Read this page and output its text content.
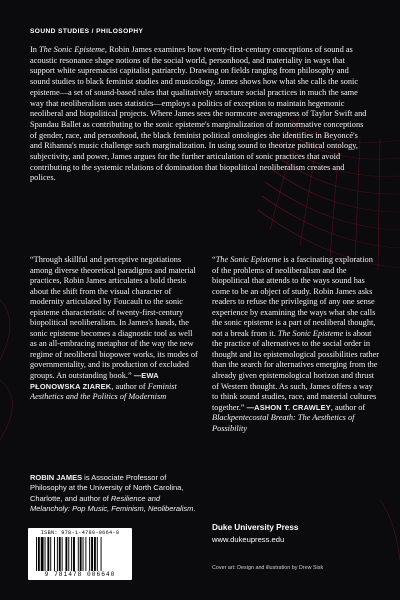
SOUND STUDIES / PHILOSOPHY
In The Sonic Episteme, Robin James examines how twenty-first-century conceptions of sound as acoustic resonance shape notions of the social world, personhood, and materiality in ways that support white supremacist capitalist patriarchy. Drawing on fields ranging from philosophy and sound studies to black feminist studies and musicology, James shows how what she calls the sonic episteme—a set of sound-based rules that qualitatively structure social practices in much the same way that neoliberalism uses statistics—employs a politics of exception to maintain hegemonic neoliberal and biopolitical projects. Where James sees the normcore averageness of Taylor Swift and Spandau Ballet as contributing to the sonic episteme's marginalization of nonnormative conceptions of gender, race, and personhood, the black feminist political ontologies she identifies in Beyoncé's and Rihanna's music challenge such marginalization. In using sound to theorize political ontology, subjectivity, and power, James argues for the further articulation of sonic practices that avoid contributing to the systemic relations of domination that biopolitical neoliberalism creates and polices.
“Through skillful and perceptive negotiations among diverse theoretical paradigms and material practices, Robin James articulates a bold thesis about the shift from the visual character of modernity articulated by Foucault to the sonic episteme characteristic of twenty-first-century biopolitical neoliberalism. In James's hands, the sonic episteme becomes a diagnostic tool as well as an all-embracing metaphor of the way the new regime of neoliberal biopower works, its modes of governmentality, and its production of excluded groups. An outstanding book.” —EWA PŁONOWSKA ZIAREK, author of Feminist Aesthetics and the Politics of Modernism
“The Sonic Episteme is a fascinating exploration of the problems of neoliberalism and the biopolitical that attends to the ways sound has come to be an object of study. Robin James asks readers to refuse the privileging of any one sense experience by examining the ways what she calls the sonic episteme is a part of neoliberal thought, not a break from it. The Sonic Episteme is about the practice of alternatives to the social order in thought and its epistemological possibilities rather than the search for alternatives emerging from the already given epistemological horizon and thrust of Western thought. As such, James offers a way to think sound studies, race, and material cultures together.” —ASHON T. CRAWLEY, author of Blackpentecostal Breath: The Aesthetics of Possibility
ROBIN JAMES is Associate Professor of Philosophy at the University of North Carolina, Charlotte, and author of Resilience and Melancholy: Pop Music, Feminism, Neoliberalism.
ISBN: 978-1-4780-0664-0
9 781478 006640
Duke University Press
www.dukeupress.edu
Cover art: Design and illustration by Drew Sisk
